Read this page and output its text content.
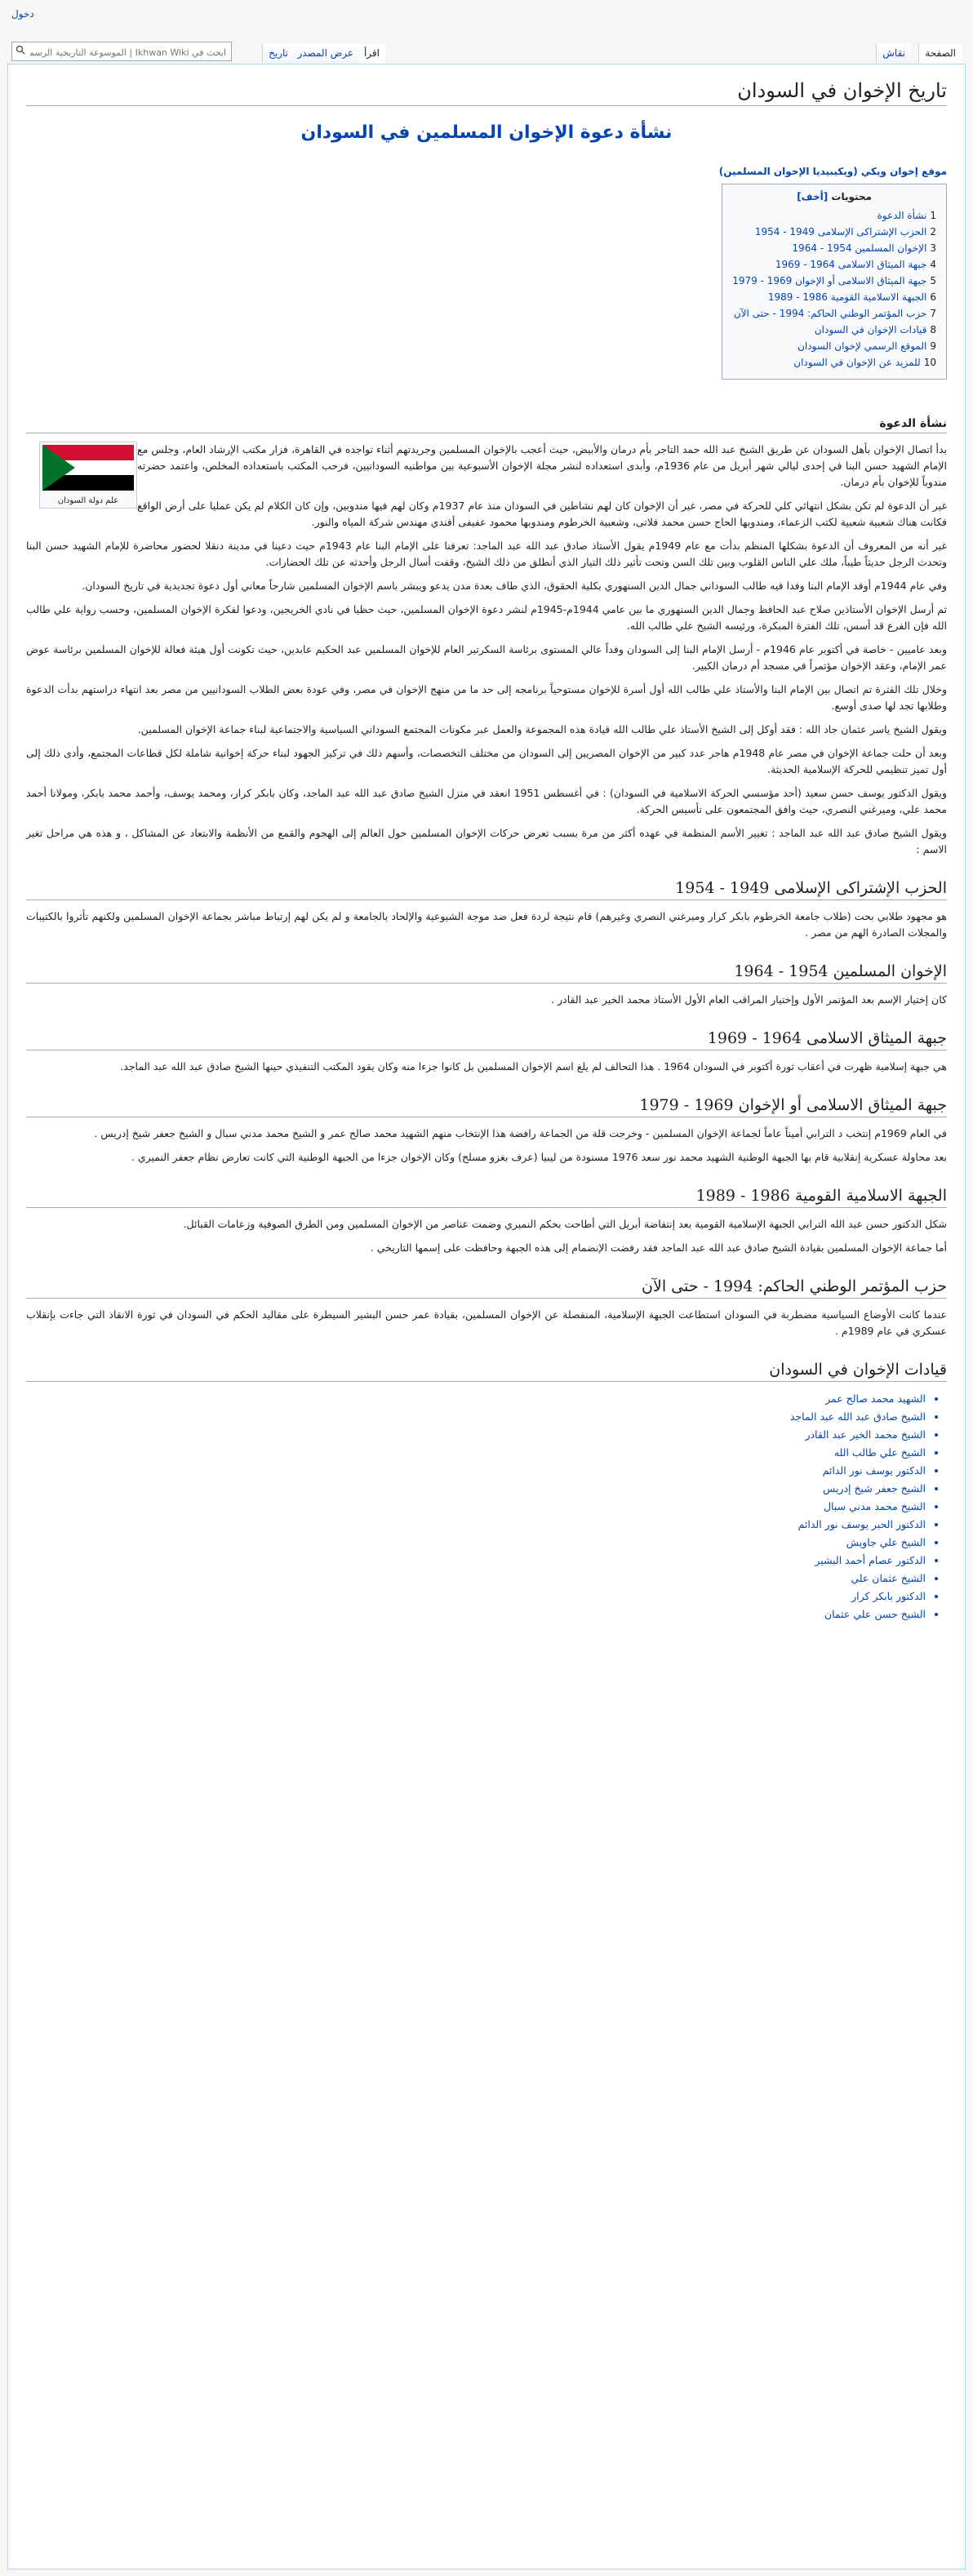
دخول
الصفحة
نقاش
اقرأ
عرض المصدر
تاريخ
ابحث في Ikhwan Wiki | الموسوعة التاريخية الرسمية لجماعة الإخوان المسلمين
تاريخ الإخوان في السودان
نشأة دعوة الإخوان المسلمين في السودان
موقع إخوان ويكي (ويكيبيديا الإخوان المسلمين)
محتويات [أخف]
1نشأة الدعوة
2الحزب الإشتراكى الإسلامى 1949 - 1954
3الإخوان المسلمين 1954 - 1964
4جبهة الميثاق الاسلامى 1964 - 1969
5جبهة الميثاق الاسلامى أو الإخوان 1969 - 1979
6الجبهة الاسلامية القومية 1986 - 1989
7حزب المؤتمر الوطني الحاكم: 1994 - حتى الآن
8قيادات الإخوان في السودان
9الموقع الرسمي لإخوان السودان
10للمزيد عن الإخوان في السودان
نشأة الدعوة
علم دولة السودان

بدأ اتصال الإخوان بأهل السودان عن طريق الشيخ عبد الله حمد التاجر بأم درمان والأبيض، حيث أعجب بالإخوان المسلمين وجريدتهم أثناء تواجده في القاهرة، فزار مكتب الإرشاد العام، وجلس مع الإمام الشهيد حسن البنا في إحدى ليالي شهر أبريل من عام 1936م، وأبدى استعداده لنشر مجلة الإخوان الأسبوعية بين مواطنيه السودانيين، فرحب المكتب باستعداده المخلص، واعتمد حضرته مندوباً للإخوان بأم درمان.

غير أن الدعوة لم تكن بشكل انتهائي كلي للحركة في مصر، غير أن الإخوان كان لهم نشاطين في السودان منذ عام 1937م وكان لهم فيها مندوبين، وإن كان الكلام لم يكن عمليا على أرض الواقع فكانت هناك شعبية شعبية لكتب الزعماء، ومندوبها الحاج حسن محمد فلاتى، وشعبية الخرطوم ومندوبها محمود عفيفى أفندي مهندس شركة المياه والنور.

غير أنه من المعروف أن الدعوة بشكلها المنظم بدأت مع عام 1949م يقول الأستاذ صادق عبد الله عبد الماجد: تعرفنا على الإمام البنا عام 1943م حيث دعينا في مدينة دنقلا لحضور محاضرة للإمام الشهيد حسن البنا وتحدث الرجل حديثاً طيباً، ملك علي الناس القلوب وبين تلك السن وتحت تأثير ذلك التيار الذي أنطلق من ذلك الشيخ، وقفت أسال الرجل وأحدثه عن تلك الحضارات.

وفي عام 1944م أوفد الإمام البنا وفدا فيه طالب السوداني جمال الدين السنهوري بكلية الحقوق، الذي طاف بعدة مدن يدعو ويبشر باسم الإخوان المسلمين شارحاً معاني أول دعوة تجديدية في تاريخ السودان.

ثم أرسل الإخوان الأستاذين صلاح عبد الحافظ وجمال الدين السنهوري ما بين عامي 1944م-1945م لنشر دعوة الإخوان المسلمين، حيث حظيا في نادي الخريجين، ودعوا لفكرة الإخوان المسلمين، وحسب رواية علي طالب الله فإن الفرع قد أسس، تلك الفترة المبكرة، ورئيسه الشيخ علي طالب الله.

وبعد عاميين - خاصة في أكتوبر عام 1946م - أرسل الإمام البنا إلى السودان وفداً عالي المستوى برئاسة السكرتير العام للإخوان المسلمين عبد الحكيم عابدين، حيث تكونت أول هيئة فعالة للإخوان المسلمين برئاسة عوض عمر الإمام، وعقد الإخوان مؤتمراً في مسجد أم درمان الكبير.

وخلال تلك الفترة تم اتصال بين الإمام البنا والأستاذ علي طالب الله أول أسرة للإخوان مستوحياً برنامجه إلى حد ما من منهج الإخوان في مصر، وفي عودة بعض الطلاب السودانيين من مصر بعد انتهاء دراستهم بدأت الدعوة وطلابها تجد لها صدى أوسع.

ويقول الشيخ ياسر عثمان جاد الله : فقد أوكل إلى الشيخ الأستاذ علي طالب الله قيادة هذه المجموعة والعمل عبر مكونات المجتمع السوداني السياسية والاجتماعية لبناء جماعة الإخوان المسلمين.

وبعد أن حلت جماعة الإخوان في مصر عام 1948م هاجر عدد كبير من الإخوان المصريين إلى السودان من مختلف التخصصات، وأسهم ذلك في تركيز الجهود لبناء حركة إخوانية شاملة لكل قطاعات المجتمع، وأدى ذلك إلى أول تميز تنظيمي للحركة الإسلامية الحديثة.

ويقول الدكتور يوسف حسن سعيد (أحد مؤسسي الحركة الاسلامية في السودان) : في أغسطس 1951 انعقد في منزل الشيخ صادق عبد الله عبد الماجد، وكان بابكر كرار، ومحمد يوسف، وأحمد محمد بابكر، ومولانا أحمد محمد علي، وميرغني النصري، حيث وافق المجتمعون على تأسيس الحركة.

ويقول الشيخ صادق عبد الله عبد الماجد : تغيير الأسم المنظمة في عهده أكثر من مرة بسبب تعرض حركات الإخوان المسلمين حول العالم إلى الهجوم والقمع من الأنظمة والابتعاد عن المشاكل ، و هذه هي مراحل تغير الاسم :

الحزب الإشتراكى الإسلامى 1949 - 1954

هو مجهود طلابي بحت (طلاب جامعة الخرطوم بابكر كرار وميرغني النصري وغيرهم) قام نتيجة لردة فعل ضد موجة الشيوعية والإلحاد بالجامعة و لم يكن لهم إرتباط مباشر بجماعة الإخوان المسلمين ولكنهم تأثروا بالكتيبات والمجلات الصادرة الهم من مصر .

الإخوان المسلمين 1954 - 1964

كان إختيار الإسم بعد المؤتمر الأول وإختيار المراقب العام الأول الأستاذ محمد الخير عبد القادر .

جبهة الميثاق الاسلامى 1964 - 1969

هي جبهة إسلامية ظهرت في أعقاب ثورة أكتوبر في السودان 1964 . هذا التحالف لم يلغ اسم الإخوان المسلمين بل كانوا جزءا منه وكان يقود المكتب التنفيذي حينها الشيخ صادق عبد الله عبد الماجد.

جبهة الميثاق الاسلامى أو الإخوان 1969 - 1979

في العام 1969م إنتخب د الترابي أميناً عاماً لجماعة الإخوان المسلمين - وخرجت قلة من الجماعة رافضة هذا الإنتخاب منهم الشهيد محمد صالح عمر و الشيخ محمد مدني سبال و الشيخ جعفر شيخ إدريس .

بعد محاولة عسكرية إنقلابية قام بها الجبهة الوطنية الشهيد محمد نور سعد 1976 مسنودة من ليبيا (عرف بغزو مسلح) وكان الإخوان جزءا من الجبهة الوطنية التي كانت تعارض نظام جعفر النميري .

الجبهة الاسلامية القومية 1986 - 1989

شكل الدكتور حسن عبد الله الترابي الجبهة الإسلامية القومية بعد إنتفاضة أبريل التي أطاحت بحكم النميري وضمت عناصر من الإخوان المسلمين ومن الطرق الصوفية وزعامات القبائل.

أما جماعة الإخوان المسلمين بقيادة الشيخ صادق عبد الله عبد الماجد فقد رفضت الإنضمام إلى هذه الجبهة وحافظت على إسمها التاريخي .

حزب المؤتمر الوطني الحاكم: 1994 - حتى الآن

عندما كانت الأوضاع السياسية مضطربة في السودان استطاعت الجبهة الإسلامية، المنفصلة عن الإخوان المسلمين، بقيادة عمر حسن البشير السيطرة على مقاليد الحكم في السودان في ثورة الانقاذ التي جاءت بإنقلاب عسكري في عام 1989م .

قيادات الإخوان في السودان
• الشهيد محمد صالح عمر
• الشيخ صادق عبد الله عبد الماجد
• الشيخ محمد الخير عبد القادر
• الشيخ علي طالب الله
• الدكتور يوسف نور الدائم
• الشيخ جعفر شيخ إدريس
• الشيخ محمد مدني سبال
• الدكتور الحبر يوسف نور الدائم
• الشيخ علي جاويش
• الدكتور عصام أحمد البشير
• الشيخ عثمان علي
• الدكتور بابكر كرار
• الشيخ حسن علي عثمان
